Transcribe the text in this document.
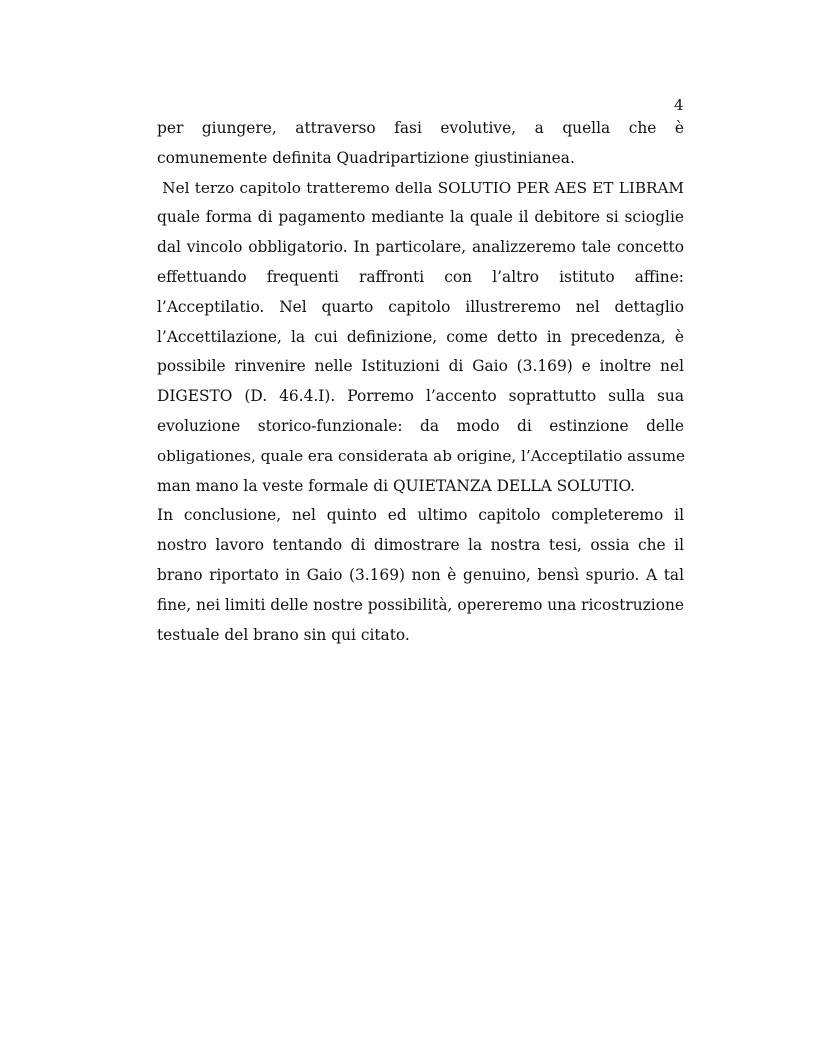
4
per giungere, attraverso fasi evolutive, a quella che è
comunemente definita Quadripartizione giustinianea.
Nel terzo capitolo tratteremo della SOLUTIO PER AES ET LIBRAM
quale forma di pagamento mediante la quale il debitore si scioglie
dal vincolo obbligatorio. In particolare, analizzeremo tale concetto
effettuando frequenti raffronti con l’altro istituto affine:
l’Acceptilatio. Nel quarto capitolo illustreremo nel dettaglio
l’Accettilazione, la cui definizione, come detto in precedenza, è
possibile rinvenire nelle Istituzioni di Gaio (3.169) e inoltre nel
DIGESTO (D. 46.4.I). Porremo l’accento soprattutto sulla sua
evoluzione storico-funzionale: da modo di estinzione delle
obligationes, quale era considerata ab origine, l’Acceptilatio assume
man mano la veste formale di QUIETANZA DELLA SOLUTIO.
In conclusione, nel quinto ed ultimo capitolo completeremo il
nostro lavoro tentando di dimostrare la nostra tesi, ossia che il
brano riportato in Gaio (3.169) non è genuino, bensì spurio. A tal
fine, nei limiti delle nostre possibilità, opereremo una ricostruzione
testuale del brano sin qui citato.
